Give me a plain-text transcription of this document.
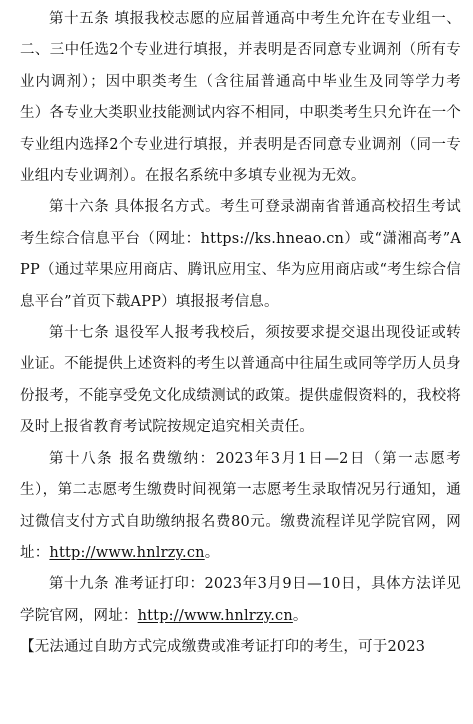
第十五条 填报我校志愿的应届普通高中考生允许在专业组一、二、三中任选2个专业进行填报，并表明是否同意专业调剂（所有专业内调剂）；因中职类考生（含往届普通高中毕业生及同等学力考生）各专业大类职业技能测试内容不相同，中职类考生只允许在一个专业组内选择2个专业进行填报，并表明是否同意专业调剂（同一专业组内专业调剂）。在报名系统中多填专业视为无效。

第十六条 具体报名方式。考生可登录湖南省普通高校招生考试考生综合信息平台（网址：https://ks.hneao.cn）或“潇湘高考”APP（通过苹果应用商店、腾讯应用宝、华为应用商店或“考生综合信息平台”首页下载APP）填报报考信息。

第十七条 退役军人报考我校后，须按要求提交退出现役证或转业证。不能提供上述资料的考生以普通高中往届生或同等学历人员身份报考，不能享受免文化成绩测试的政策。提供虚假资料的，我校将及时上报省教育考试院按规定追究相关责任。

第十八条 报名费缴纳：2023年3月1日—2日（第一志愿考生），第二志愿考生缴费时间视第一志愿考生录取情况另行通知，通过微信支付方式自助缴纳报名费80元。缴费流程详见学院官网，网址：http://www.hnlrzy.cn。

第十九条 准考证打印：2023年3月9日—10日，具体方法详见学院官网，网址：http://www.hnlrzy.cn。

【无法通过自助方式完成缴费或准考证打印的考生，可于2023
